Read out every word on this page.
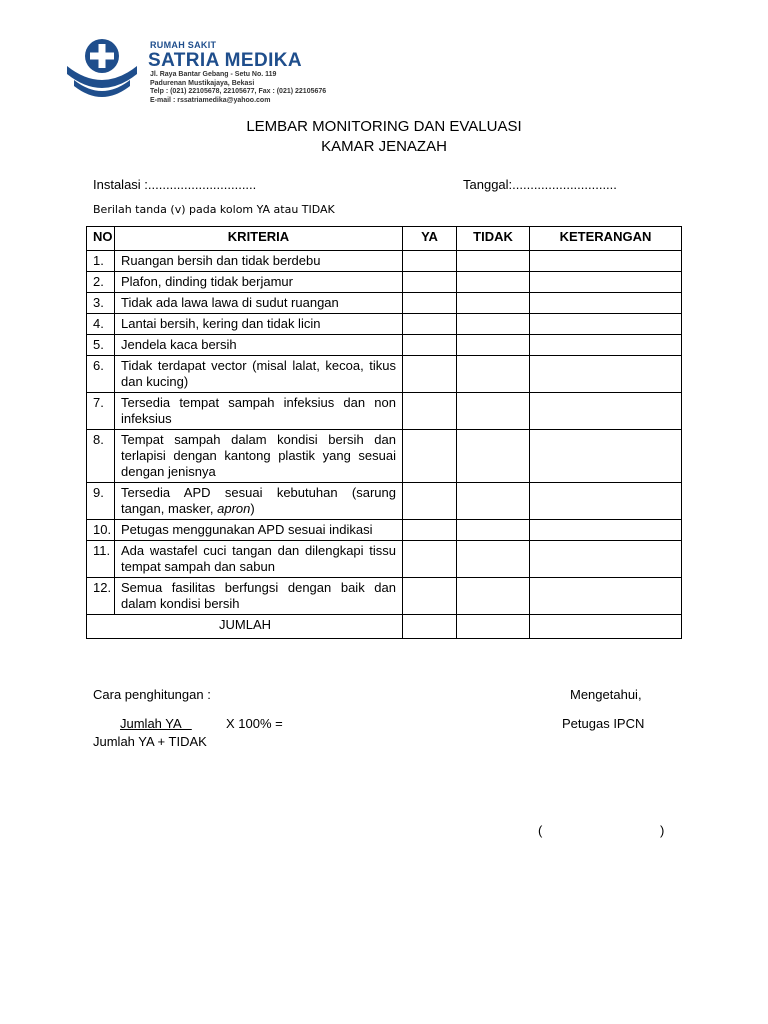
RUMAH SAKIT
SATRIA MEDIKA
Jl. Raya Bantar Gebang - Setu No. 119
Padurenan Mustikajaya, Bekasi
Telp : (021) 22105678, 22105677, Fax : (021) 22105676
E-mail : rssatriamedika@yahoo.com
LEMBAR MONITORING DAN EVALUASI
KAMAR JENAZAH
Instalasi :..............................	Tanggal:.............................
Berilah tanda (v) pada kolom YA atau TIDAK
NO	KRITERIA	YA	TIDAK	KETERANGAN
1.	Ruangan bersih dan tidak berdebu			
2.	Plafon, dinding tidak berjamur			
3.	Tidak ada lawa lawa di sudut ruangan			
4.	Lantai bersih, kering dan tidak licin			
5.	Jendela kaca bersih			
6.	Tidak terdapat vector (misal lalat, kecoa, tikus dan kucing)			
7.	Tersedia tempat sampah infeksius dan non infeksius			
8.	Tempat sampah dalam kondisi bersih dan terlapisi dengan kantong plastik yang sesuai dengan jenisnya			
9.	Tersedia APD sesuai kebutuhan (sarung tangan, masker, apron)			
10.	Petugas menggunakan APD sesuai indikasi			
11.	Ada wastafel cuci tangan dan dilengkapi tissu tempat sampah dan sabun			
12.	Semua fasilitas berfungsi dengan baik dan dalam kondisi bersih			
JUMLAH				
Cara penghitungan :	Mengetahui,
Jumlah YA	X 100% =	Petugas IPCN
Jumlah YA + TIDAK
(	)
